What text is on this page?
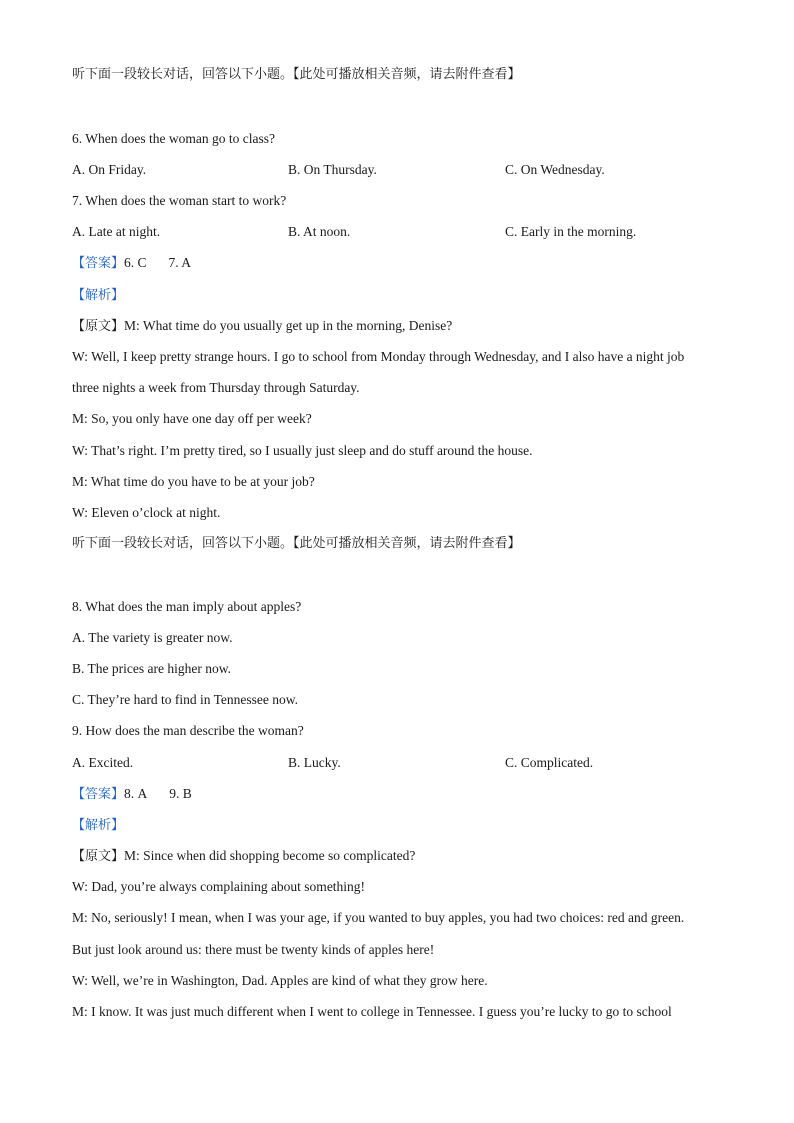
听下面一段较长对话，回答以下小题。【此处可播放相关音频，请去附件查看】
6. When does the woman go to class?
A. On Friday.	B. On Thursday.	C. On Wednesday.
7. When does the woman start to work?
A. Late at night.	B. At noon.	C. Early in the morning.
【答案】6. C 7. A
【解析】
【原文】M: What time do you usually get up in the morning, Denise?
W: Well, I keep pretty strange hours. I go to school from Monday through Wednesday, and I also have a night job
three nights a week from Thursday through Saturday.
M: So, you only have one day off per week?
W: That’s right. I’m pretty tired, so I usually just sleep and do stuff around the house.
M: What time do you have to be at your job?
W: Eleven o’clock at night.
听下面一段较长对话，回答以下小题。【此处可播放相关音频，请去附件查看】
8. What does the man imply about apples?
A. The variety is greater now.
B. The prices are higher now.
C. They’re hard to find in Tennessee now.
9. How does the man describe the woman?
A. Excited.	B. Lucky.	C. Complicated.
【答案】8. A 9. B
【解析】
【原文】M: Since when did shopping become so complicated?
W: Dad, you’re always complaining about something!
M: No, seriously! I mean, when I was your age, if you wanted to buy apples, you had two choices: red and green.
But just look around us: there must be twenty kinds of apples here!
W: Well, we’re in Washington, Dad. Apples are kind of what they grow here.
M: I know. It was just much different when I went to college in Tennessee. I guess you’re lucky to go to school
